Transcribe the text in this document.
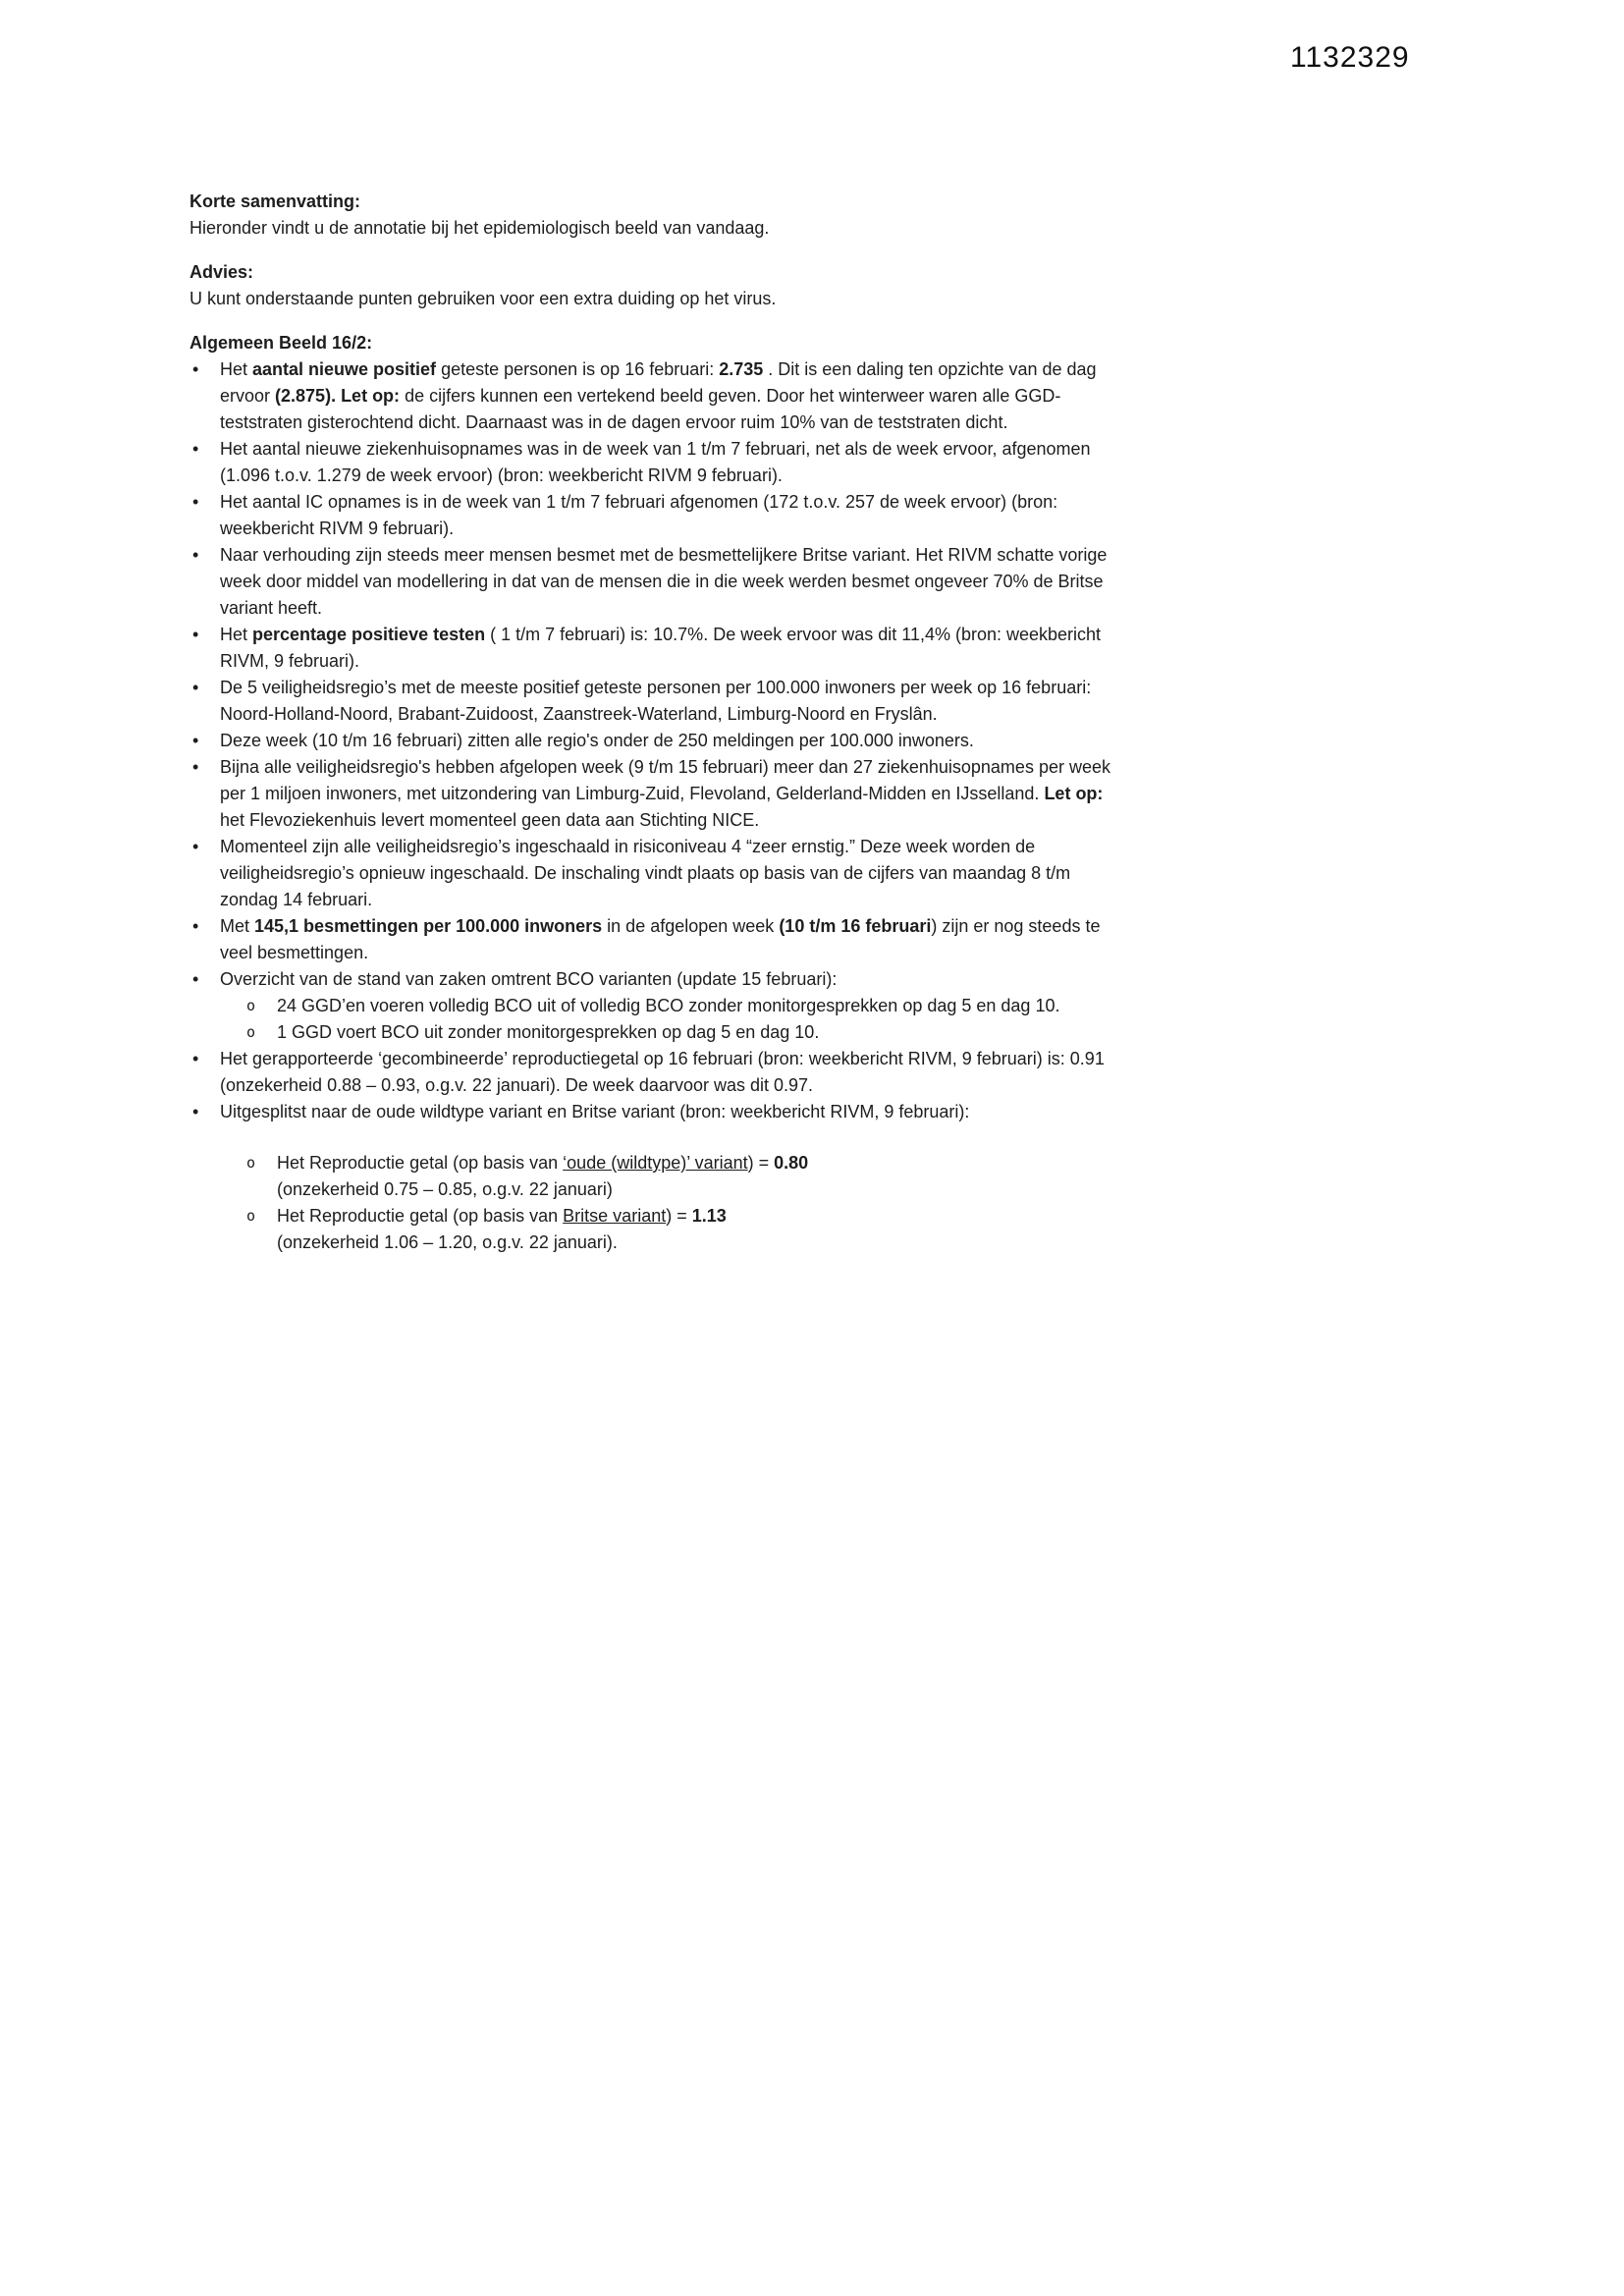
1132329
Korte samenvatting:
Hieronder vindt u de annotatie bij het epidemiologisch beeld van vandaag.
Advies:
U kunt onderstaande punten gebruiken voor een extra duiding op het virus.
Algemeen Beeld 16/2:
• Het aantal nieuwe positief geteste personen is op 16 februari: 2.735 . Dit is een daling ten opzichte van de dag ervoor (2.875). Let op: de cijfers kunnen een vertekend beeld geven. Door het winterweer waren alle GGD-teststraten gisterochtend dicht. Daarnaast was in de dagen ervoor ruim 10% van de teststraten dicht.
• Het aantal nieuwe ziekenhuisopnames was in de week van 1 t/m 7 februari, net als de week ervoor, afgenomen (1.096 t.o.v. 1.279 de week ervoor) (bron: weekbericht RIVM 9 februari).
• Het aantal IC opnames is in de week van 1 t/m 7 februari afgenomen (172 t.o.v. 257 de week ervoor) (bron: weekbericht RIVM 9 februari).
• Naar verhouding zijn steeds meer mensen besmet met de besmettelijkere Britse variant. Het RIVM schatte vorige week door middel van modellering in dat van de mensen die in die week werden besmet ongeveer 70% de Britse variant heeft.
• Het percentage positieve testen ( 1 t/m 7 februari) is: 10.7%. De week ervoor was dit 11,4% (bron: weekbericht RIVM, 9 februari).
• De 5 veiligheidsregio’s met de meeste positief geteste personen per 100.000 inwoners per week op 16 februari: Noord-Holland-Noord, Brabant-Zuidoost, Zaanstreek-Waterland, Limburg-Noord en Fryslân.
• Deze week (10 t/m 16 februari) zitten alle regio's onder de 250 meldingen per 100.000 inwoners.
• Bijna alle veiligheidsregio's hebben afgelopen week (9 t/m 15 februari) meer dan 27 ziekenhuisopnames per week per 1 miljoen inwoners, met uitzondering van Limburg-Zuid, Flevoland, Gelderland-Midden en IJsselland. Let op: het Flevoziekenhuis levert momenteel geen data aan Stichting NICE.
• Momenteel zijn alle veiligheidsregio’s ingeschaald in risiconiveau 4 “zeer ernstig.” Deze week worden de veiligheidsregio’s opnieuw ingeschaald. De inschaling vindt plaats op basis van de cijfers van maandag 8 t/m zondag 14 februari.
• Met 145,1 besmettingen per 100.000 inwoners in de afgelopen week (10 t/m 16 februari) zijn er nog steeds te veel besmettingen.
• Overzicht van de stand van zaken omtrent BCO varianten (update 15 februari):
o 24 GGD’en voeren volledig BCO uit of volledig BCO zonder monitorgesprekken op dag 5 en dag 10.
o 1 GGD voert BCO uit zonder monitorgesprekken op dag 5 en dag 10.
• Het gerapporteerde ‘gecombineerde’ reproductiegetal op 16 februari (bron: weekbericht RIVM, 9 februari) is: 0.91 (onzekerheid 0.88 – 0.93, o.g.v. 22 januari). De week daarvoor was dit 0.97.
• Uitgesplitst naar de oude wildtype variant en Britse variant (bron: weekbericht RIVM, 9 februari):
o Het Reproductie getal (op basis van ‘oude (wildtype)’ variant) = 0.80
(onzekerheid 0.75 – 0.85, o.g.v. 22 januari)
o Het Reproductie getal (op basis van Britse variant) = 1.13
(onzekerheid 1.06 – 1.20, o.g.v. 22 januari).
